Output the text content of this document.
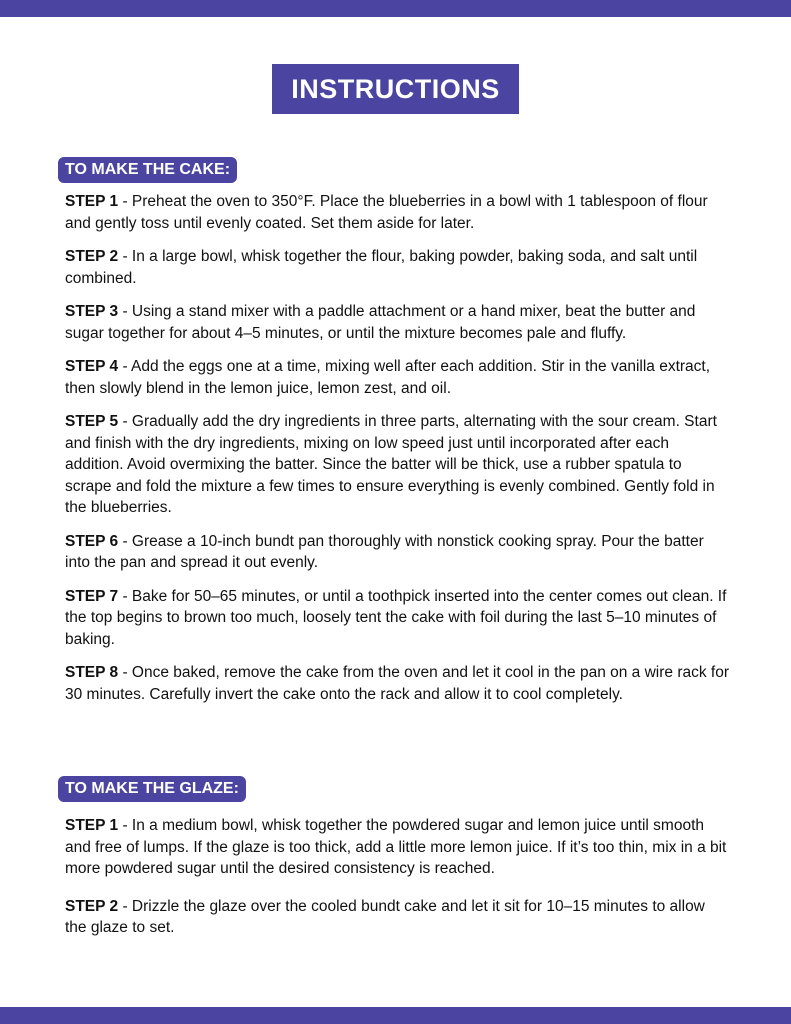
INSTRUCTIONS
TO MAKE THE CAKE:

STEP 1 - Preheat the oven to 350°F. Place the blueberries in a bowl with 1 tablespoon of flour and gently toss until evenly coated. Set them aside for later.

STEP 2 - In a large bowl, whisk together the flour, baking powder, baking soda, and salt until combined.

STEP 3 - Using a stand mixer with a paddle attachment or a hand mixer, beat the butter and sugar together for about 4–5 minutes, or until the mixture becomes pale and fluffy.

STEP 4 - Add the eggs one at a time, mixing well after each addition. Stir in the vanilla extract, then slowly blend in the lemon juice, lemon zest, and oil.

STEP 5 - Gradually add the dry ingredients in three parts, alternating with the sour cream. Start and finish with the dry ingredients, mixing on low speed just until incorporated after each addition. Avoid overmixing the batter. Since the batter will be thick, use a rubber spatula to scrape and fold the mixture a few times to ensure everything is evenly combined. Gently fold in the blueberries.

STEP 6 - Grease a 10-inch bundt pan thoroughly with nonstick cooking spray. Pour the batter into the pan and spread it out evenly.

STEP 7 - Bake for 50–65 minutes, or until a toothpick inserted into the center comes out clean. If the top begins to brown too much, loosely tent the cake with foil during the last 5–10 minutes of baking.

STEP 8 - Once baked, remove the cake from the oven and let it cool in the pan on a wire rack for 30 minutes. Carefully invert the cake onto the rack and allow it to cool completely.

TO MAKE THE GLAZE:

STEP 1 - In a medium bowl, whisk together the powdered sugar and lemon juice until smooth and free of lumps. If the glaze is too thick, add a little more lemon juice. If it’s too thin, mix in a bit more powdered sugar until the desired consistency is reached.

STEP 2 - Drizzle the glaze over the cooled bundt cake and let it sit for 10–15 minutes to allow the glaze to set.
